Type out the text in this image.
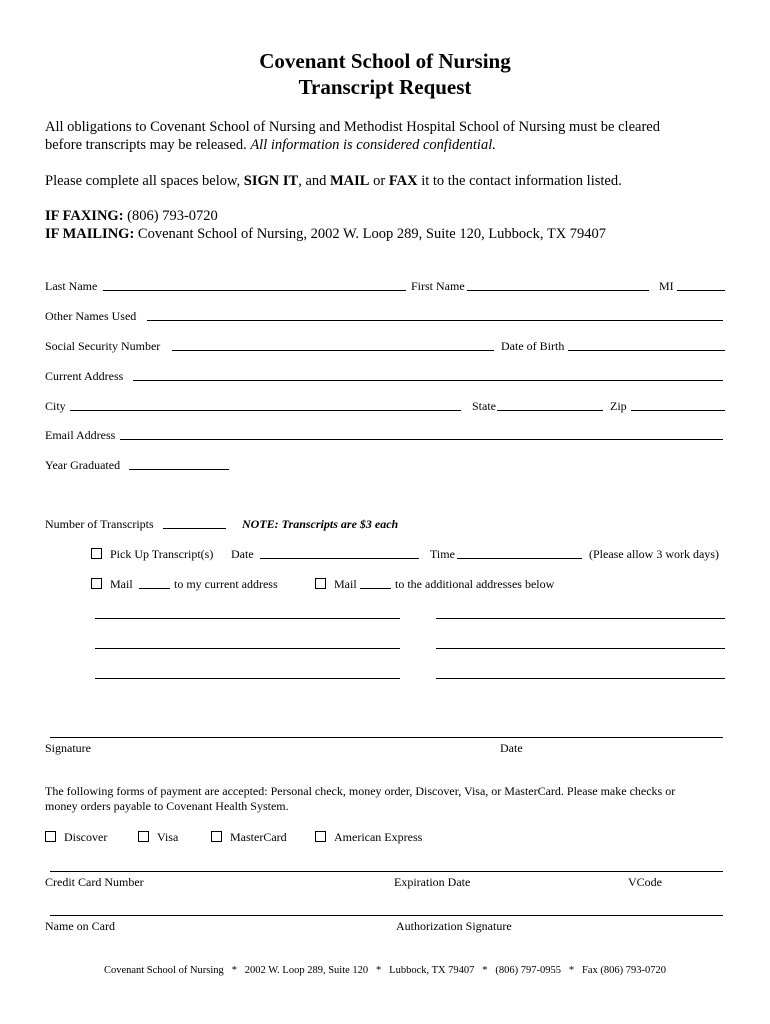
Covenant School of Nursing
Transcript Request
All obligations to Covenant School of Nursing and Methodist Hospital School of Nursing must be cleared
before transcripts may be released. All information is considered confidential.
Please complete all spaces below, SIGN IT, and MAIL or FAX it to the contact information listed.
IF FAXING: (806) 793-0720
IF MAILING: Covenant School of Nursing, 2002 W. Loop 289, Suite 120, Lubbock, TX 79407
Last Name	First Name	MI
Other Names Used
Social Security Number	Date of Birth
Current Address
City	State	Zip
Email Address
Year Graduated
Number of Transcripts	NOTE: Transcripts are $3 each
Pick Up Transcript(s) Date	Time	(Please allow 3 work days)
Mail	to my current address	Mail	to the additional addresses below
Signature	Date
The following forms of payment are accepted: Personal check, money order, Discover, Visa, or MasterCard. Please make checks or
money orders payable to Covenant Health System.
Discover	Visa	MasterCard	American Express
Credit Card Number	Expiration Date	VCode
Name on Card	Authorization Signature
Covenant School of Nursing   *   2002 W. Loop 289, Suite 120   *   Lubbock, TX 79407   *   (806) 797-0955   *   Fax (806) 793-0720
